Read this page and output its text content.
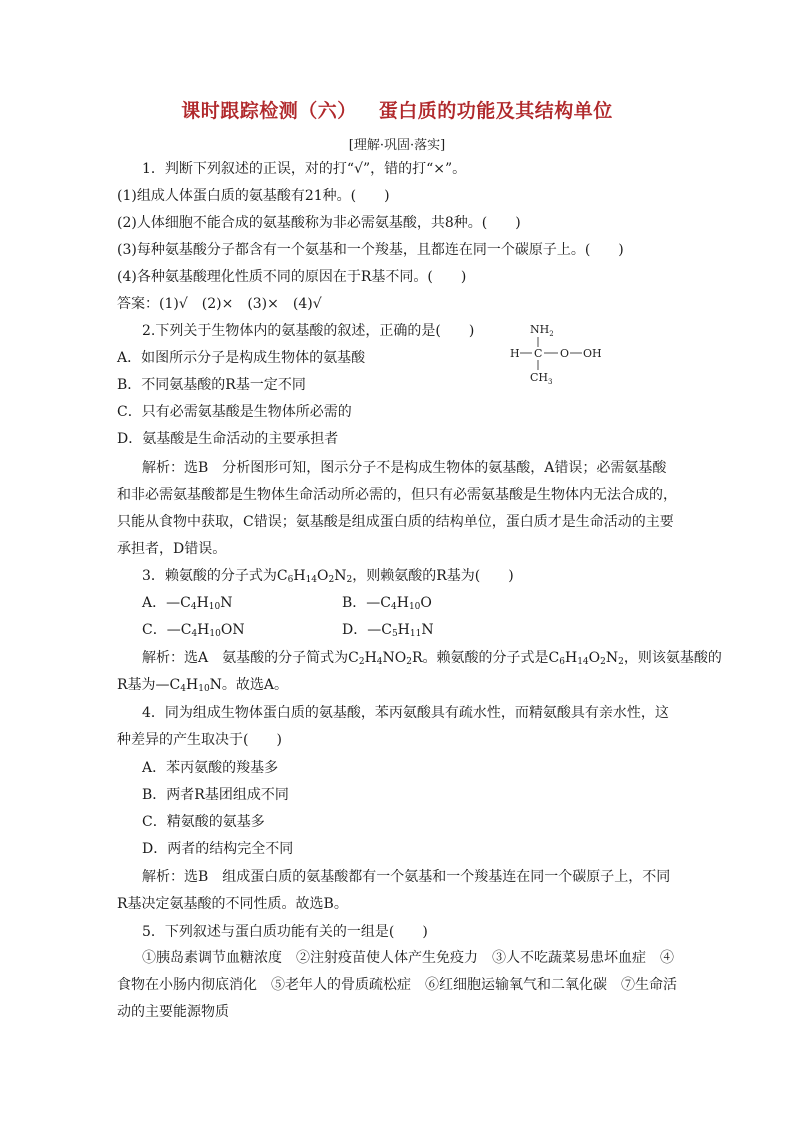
课时跟踪检测（六） 蛋白质的功能及其结构单位
[理解·巩固·落实]
1．判断下列叙述的正误，对的打“√”，错的打“×”。
(1)组成人体蛋白质的氨基酸有21种。(　　)
(2)人体细胞不能合成的氨基酸称为非必需氨基酸，共8种。(　　)
(3)每种氨基酸分子都含有一个氨基和一个羧基，且都连在同一个碳原子上。(　　)
(4)各种氨基酸理化性质不同的原因在于R基不同。(　　)
答案：(1)√　(2)×　(3)×　(4)√
2.下列关于生物体内的氨基酸的叙述，正确的是(　　)
A．如图所示分子是构成生物体的氨基酸
B．不同氨基酸的R基一定不同
C．只有必需氨基酸是生物体所必需的
D．氨基酸是生命活动的主要承担者
$NH_2$
H C O OH
$CH_3$
解析：选B　分析图形可知，图示分子不是构成生物体的氨基酸，A错误；必需氨基酸和非必需氨基酸都是生物体生命活动所必需的，但只有必需氨基酸是生物体内无法合成的，只能从食物中获取，C错误；氨基酸是组成蛋白质的结构单位，蛋白质才是生命活动的主要承担者，D错误。
3．赖氨酸的分子式为$C_6H_{14}O_2N_2$，则赖氨酸的R基为(　　)
A．$—C_4H_{10}N$	B．$—C_4H_{10}O$
C．$—C_4H_{10}ON$	D．$—C_5H_{11}N$
解析：选A　氨基酸的分子简式为$C_2H_4NO_2R$。赖氨酸的分子式是$C_6H_{14}O_2N_2$，则该氨基酸的
R基为$—C_4H_{10}N$。故选A。
4．同为组成生物体蛋白质的氨基酸，苯丙氨酸具有疏水性，而精氨酸具有亲水性，这种差异的产生取决于(　　)
A．苯丙氨酸的羧基多
B．两者R基团组成不同
C．精氨酸的氨基多
D．两者的结构完全不同
解析：选B　组成蛋白质的氨基酸都有一个氨基和一个羧基连在同一个碳原子上，不同R基决定氨基酸的不同性质。故选B。
5．下列叙述与蛋白质功能有关的一组是(　　)
①胰岛素调节血糖浓度　②注射疫苗使人体产生免疫力　③人不吃蔬菜易患坏血症　④食物在小肠内彻底消化　⑤老年人的骨质疏松症　⑥红细胞运输氧气和二氧化碳　⑦生命活动的主要能源物质
